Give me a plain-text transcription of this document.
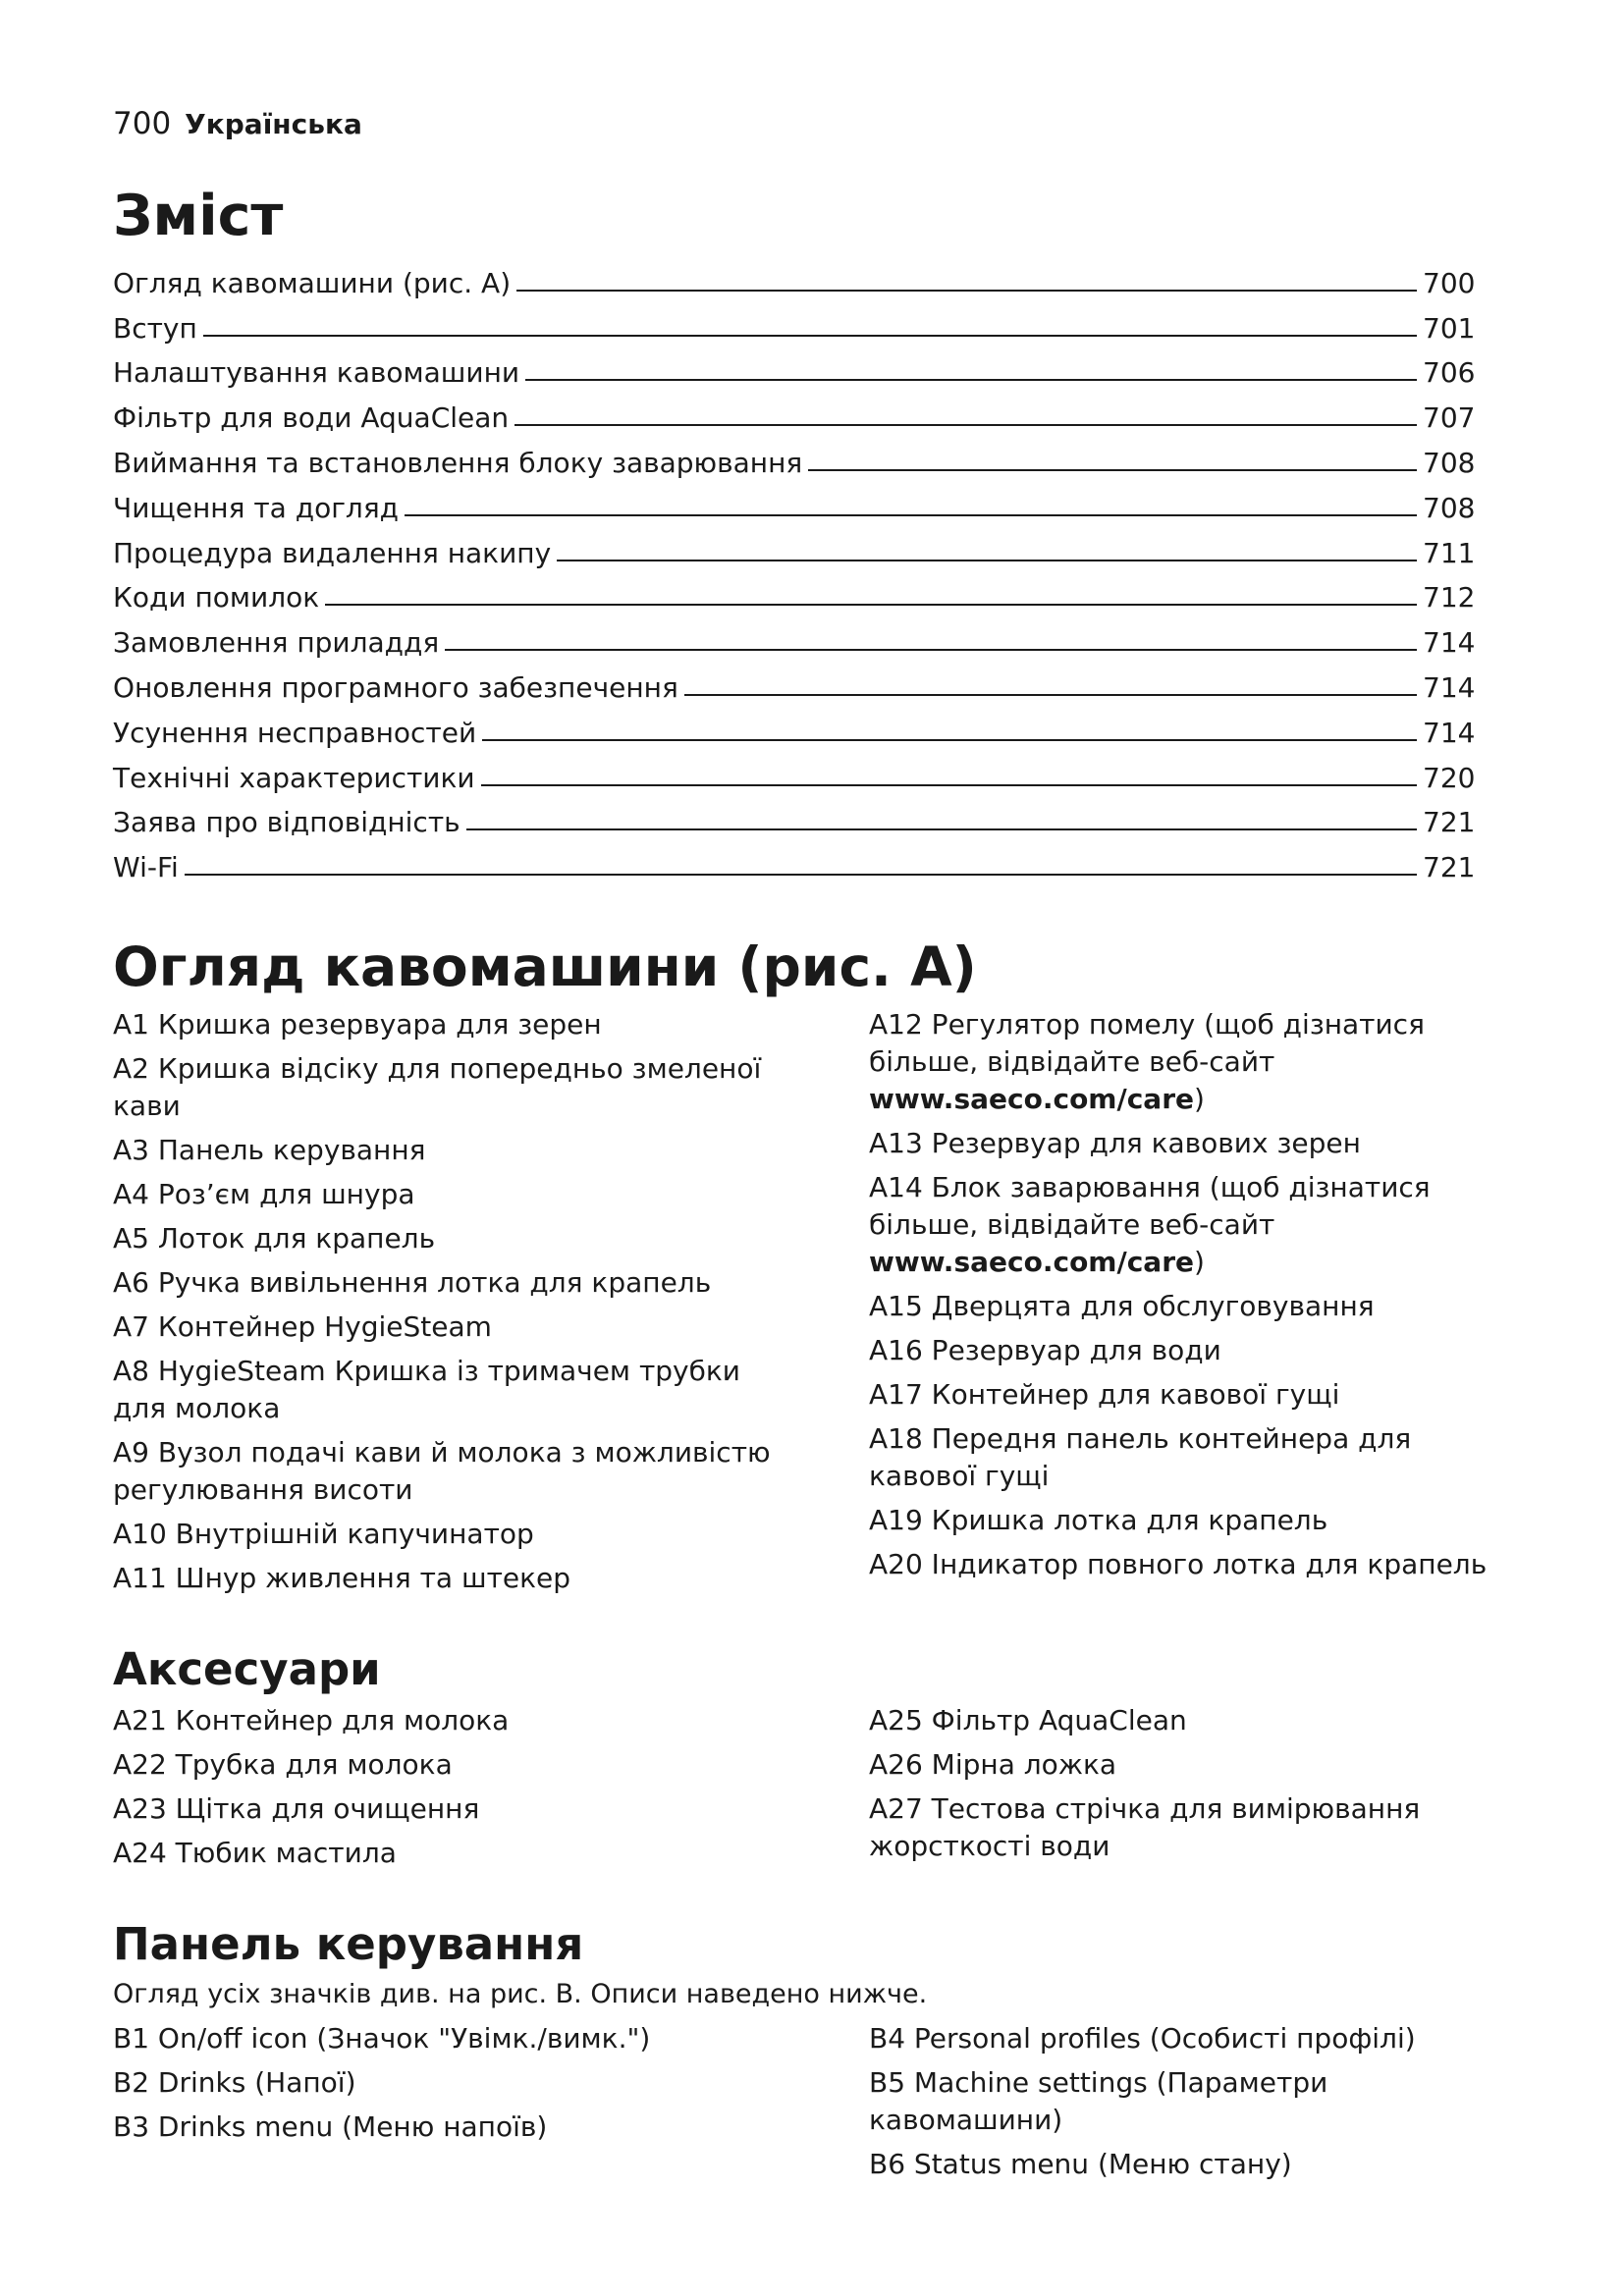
700 Українська
Зміст
Огляд кавомашини (рис. A)	700
Вступ	701
Налаштування кавомашини	706
Фільтр для води AquaClean	707
Виймання та встановлення блоку заварювання	708
Чищення та догляд	708
Процедура видалення накипу	711
Коди помилок	712
Замовлення приладдя	714
Оновлення програмного забезпечення	714
Усунення несправностей	714
Технічні характеристики	720
Заява про відповідність	721
Wi-Fi	721
Огляд кавомашини (рис. A)
A1 Кришка резервуара для зерен
A2 Кришка відсіку для попередньо змеленої кави
A3 Панель керування
A4 Роз’єм для шнура
A5 Лоток для крапель
A6 Ручка вивільнення лотка для крапель
A7 Контейнер HygieSteam
A8 HygieSteam Кришка із тримачем трубки для молока
A9 Вузол подачі кави й молока з можливістю регулювання висоти
A10 Внутрішній капучинатор
A11 Шнур живлення та штекер
A12 Регулятор помелу (щоб дізнатися більше, відвідайте веб-сайт www.saeco.com/care)
A13 Резервуар для кавових зерен
A14 Блок заварювання (щоб дізнатися більше, відвідайте веб-сайт www.saeco.com/care)
A15 Дверцята для обслуговування
A16 Резервуар для води
A17 Контейнер для кавової гущі
A18 Передня панель контейнера для кавової гущі
A19 Кришка лотка для крапель
A20 Індикатор повного лотка для крапель
Аксесуари
A21 Контейнер для молока
A22 Трубка для молока
A23 Щітка для очищення
A24 Тюбик мастила
A25 Фільтр AquaClean
A26 Мірна ложка
A27 Тестова стрічка для вимірювання жорсткості води
Панель керування
Огляд усіх значків див. на рис. B. Описи наведено нижче.
B1 On/off icon (Значок "Увімк./вимк.")
B2 Drinks (Напої)
B3 Drinks menu (Меню напоїв)
B4 Personal profiles (Особисті профілі)
B5 Machine settings (Параметри кавомашини)
B6 Status menu (Меню стану)
